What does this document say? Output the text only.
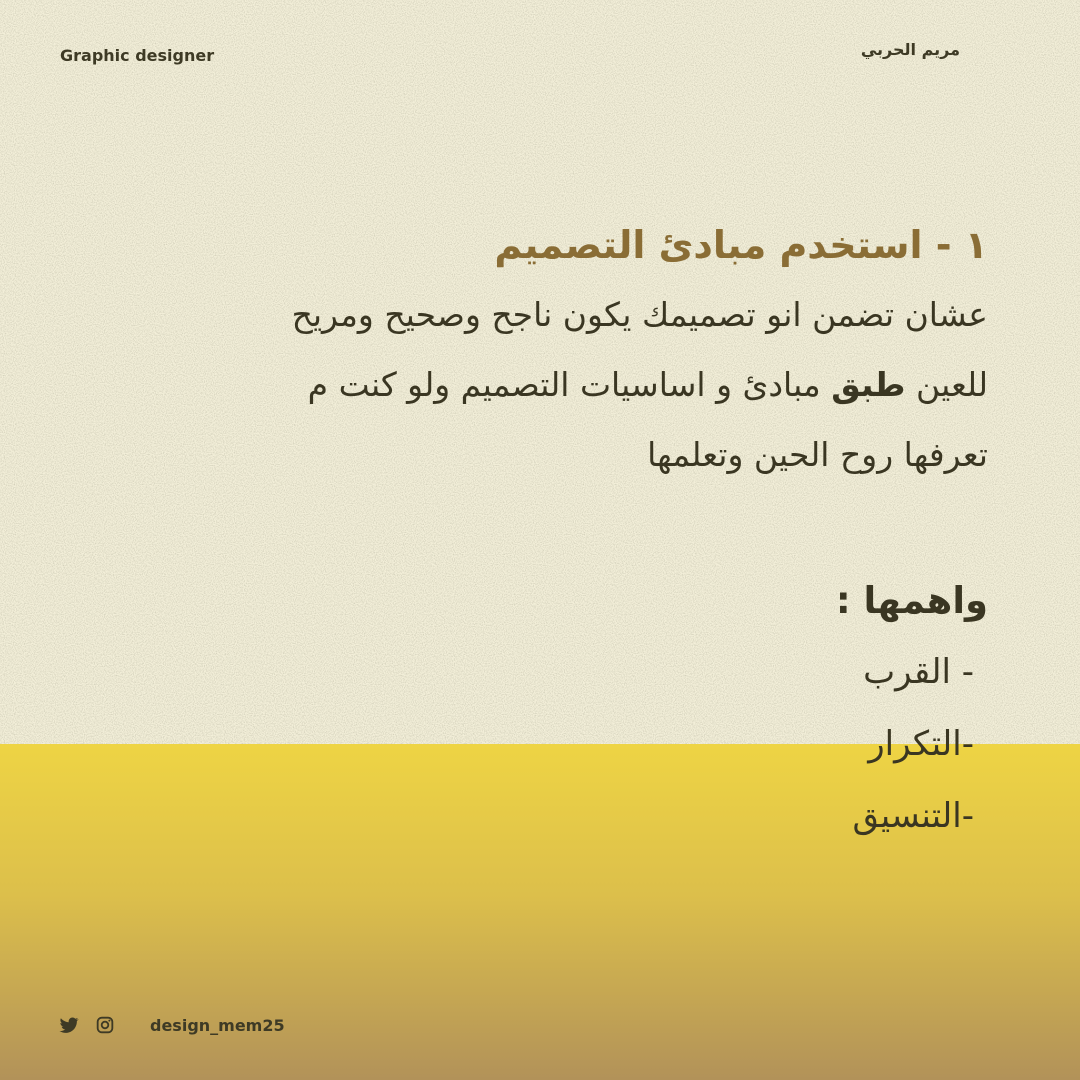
Graphic designer	مريم الحربي
١ - استخدم مبادئ التصميم

عشان تضمن انو تصميمك يكون ناجح وصحيح ومريح
للعين طبق مبادئ و اساسيات التصميم ولو كنت م
تعرفها روح الحين وتعلمها

واهمها :
- القرب
-التكرار
-التنسيق
design_mem25
